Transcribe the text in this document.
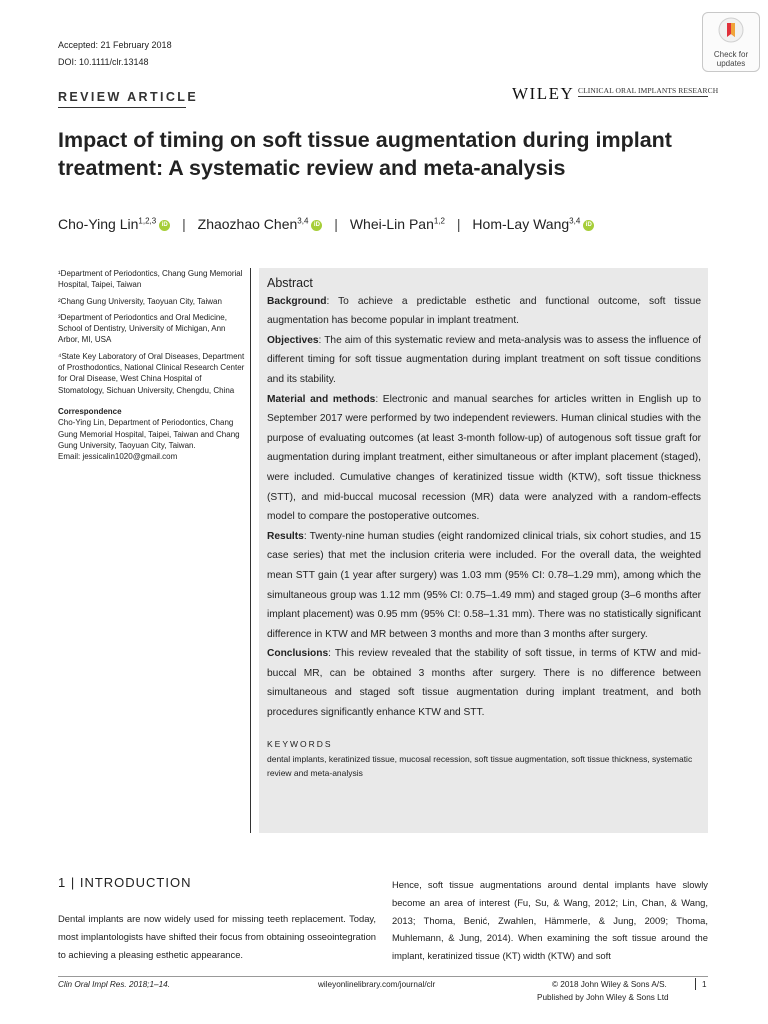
Accepted: 21 February 2018
DOI: 10.1111/clr.13148
REVIEW ARTICLE	WILEY CLINICAL ORAL IMPLANTS RESEARCH
Check for
updates
Impact of timing on soft tissue augmentation during implant treatment: A systematic review and meta-analysis
Cho-Ying Lin$^{1,2,3}$ iD | Zhaozhao Chen$^{3,4}$ iD | Whei-Lin Pan$^{1,2}$ | Hom-Lay Wang$^{3,4}$ iD

¹Department of Periodontics, Chang Gung Memorial Hospital, Taipei, Taiwan

²Chang Gung University, Taoyuan City, Taiwan

³Department of Periodontics and Oral Medicine, School of Dentistry, University of Michigan, Ann Arbor, MI, USA

⁴State Key Laboratory of Oral Diseases, Department of Prosthodontics, National Clinical Research Center for Oral Disease, West China Hospital of Stomatology, Sichuan University, Chengdu, China

Correspondence

Cho-Ying Lin, Department of Periodontics, Chang Gung Memorial Hospital, Taipei, Taiwan and Chang Gung University, Taoyuan City, Taiwan.

Email: jessicalin1020@gmail.com

Abstract

Background: To achieve a predictable esthetic and functional outcome, soft tissue augmentation has become popular in implant treatment.

Objectives: The aim of this systematic review and meta-analysis was to assess the influence of different timing for soft tissue augmentation during implant treatment on soft tissue conditions and its stability.

Material and methods: Electronic and manual searches for articles written in English up to September 2017 were performed by two independent reviewers. Human clinical studies with the purpose of evaluating outcomes (at least 3-month follow-up) of autogenous soft tissue graft for augmentation during implant treatment, either simultaneous or after implant placement (staged), were included. Cumulative changes of keratinized tissue width (KTW), soft tissue thickness (STT), and mid-buccal mucosal recession (MR) data were analyzed with a random-effects model to compare the postoperative outcomes.

Results: Twenty-nine human studies (eight randomized clinical trials, six cohort studies, and 15 case series) that met the inclusion criteria were included. For the overall data, the weighted mean STT gain (1 year after surgery) was 1.03 mm (95% CI: 0.78–1.29 mm), among which the simultaneous group was 1.12 mm (95% CI: 0.75–1.49 mm) and staged group (3–6 months after implant placement) was 0.95 mm (95% CI: 0.58–1.31 mm). There was no statistically significant difference in KTW and MR between 3 months and more than 3 months after surgery.

Conclusions: This review revealed that the stability of soft tissue, in terms of KTW and mid-buccal MR, can be obtained 3 months after surgery. There is no difference between simultaneous and staged soft tissue augmentation during implant treatment, and both procedures significantly enhance KTW and STT.

KEYWORDS

dental implants, keratinized tissue, mucosal recession, soft tissue augmentation, soft tissue thickness, systematic review and meta-analysis

1 | INTRODUCTION
Dental implants are now widely used for missing teeth replacement. Today, most implantologists have shifted their focus from obtaining osseointegration to achieving a pleasing esthetic appearance.
Hence, soft tissue augmentations around dental implants have slowly become an area of interest (Fu, Su, & Wang, 2012; Lin, Chan, & Wang, 2013; Thoma, Benić, Zwahlen, Hämmerle, & Jung, 2009; Thoma, Muhlemann, & Jung, 2014). When examining the soft tissue around the implant, keratinized tissue (KT) width (KTW) and soft
Clin Oral Impl Res. 2018;1–14.	wileyonlinelibrary.com/journal/clr	© 2018 John Wiley & Sons A/S.	1
Published by John Wiley & Sons Ltd
